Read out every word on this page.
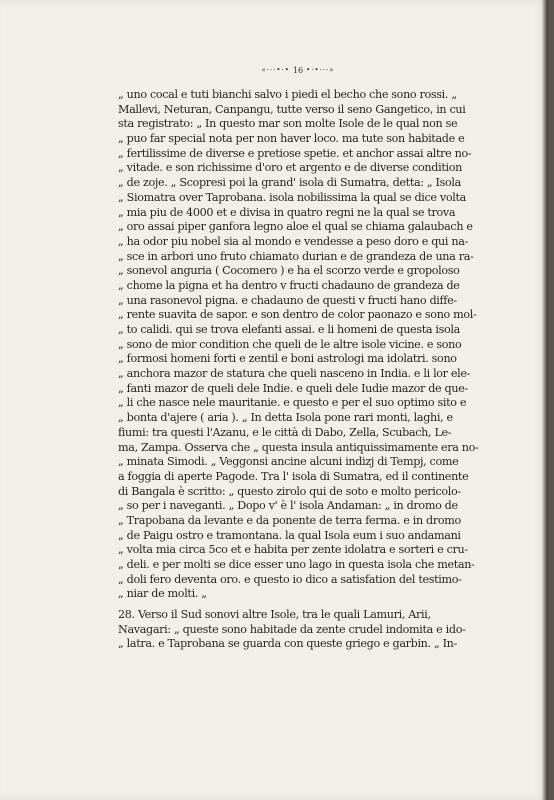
«···•·• 16 •·•···»
„ uno cocal e tuti bianchi salvo i piedi el becho che sono rossi. „
Mallevi, Neturan, Canpangu, tutte verso il seno Gangetico, in cui
sta registrato: „ In questo mar son molte Isole de le qual non se
„ puo far special nota per non haver loco. ma tute son habitade e
„ fertilissime de diverse e pretiose spetie. et anchor assai altre no-
„ vitade. e son richissime d'oro et argento e de diverse condition
„ de zoje. „ Scopresi poi la grand' isola di Sumatra, detta: „ Isola
„ Siomatra over Taprobana. isola nobilissima la qual se dice volta
„ mia piu de 4000 et e divisa in quatro regni ne la qual se trova
„ oro assai piper ganfora legno aloe el qual se chiama galaubach e
„ ha odor piu nobel sia al mondo e vendesse a peso doro e qui na-
„ sce in arbori uno fruto chiamato durian e de grandeza de una ra-
„ sonevol anguria ( Cocomero ) e ha el scorzo verde e gropoloso
„ chome la pigna et ha dentro v fructi chadauno de grandeza de
„ una rasonevol pigna. e chadauno de questi v fructi hano diffe-
„ rente suavita de sapor. e son dentro de color paonazo e sono mol-
„ to calidi. qui se trova elefanti assai. e li homeni de questa isola
„ sono de mior condition che queli de le altre isole vicine. e sono
„ formosi homeni forti e zentil e boni astrologi ma idolatri. sono
„ anchora mazor de statura che queli nasceno in India. e li lor ele-
„ fanti mazor de queli dele Indie. e queli dele Iudie mazor de que-
„ li che nasce nele mauritanie. e questo e per el suo optimo sito e
„ bonta d'ajere ( aria ). „ In detta Isola pone rari monti, laghi, e
fiumi: tra questi l'Azanu, e le città di Dabo, Zella, Scubach, Le-
ma, Zampa. Osserva che „ questa insula antiquissimamente era no-
„ minata Simodi. „ Veggonsi ancine alcuni indizj di Tempj, come
a foggia di aperte Pagode. Tra l' isola di Sumatra, ed il continente
di Bangala è scritto: „ questo zirolo qui de soto e molto pericolo-
„ so per i naveganti. „ Dopo v' è l' isola Andaman: „ in dromo de
„ Trapobana da levante e da ponente de terra ferma. e in dromo
„ de Paigu ostro e tramontana. la qual Isola eum i suo andamani
„ volta mia circa 5co et e habita per zente idolatra e sorteri e cru-
„ deli. e per molti se dice esser uno lago in questa isola che metan-
„ doli fero deventa oro. e questo io dico a satisfation del testimo-
„ niar de molti. „
28. Verso il Sud sonovi altre Isole, tra le quali Lamuri, Arii,
Navagari: „ queste sono habitade da zente crudel indomita e ido-
„ latra. e Taprobana se guarda con queste griego e garbin. „ In-
